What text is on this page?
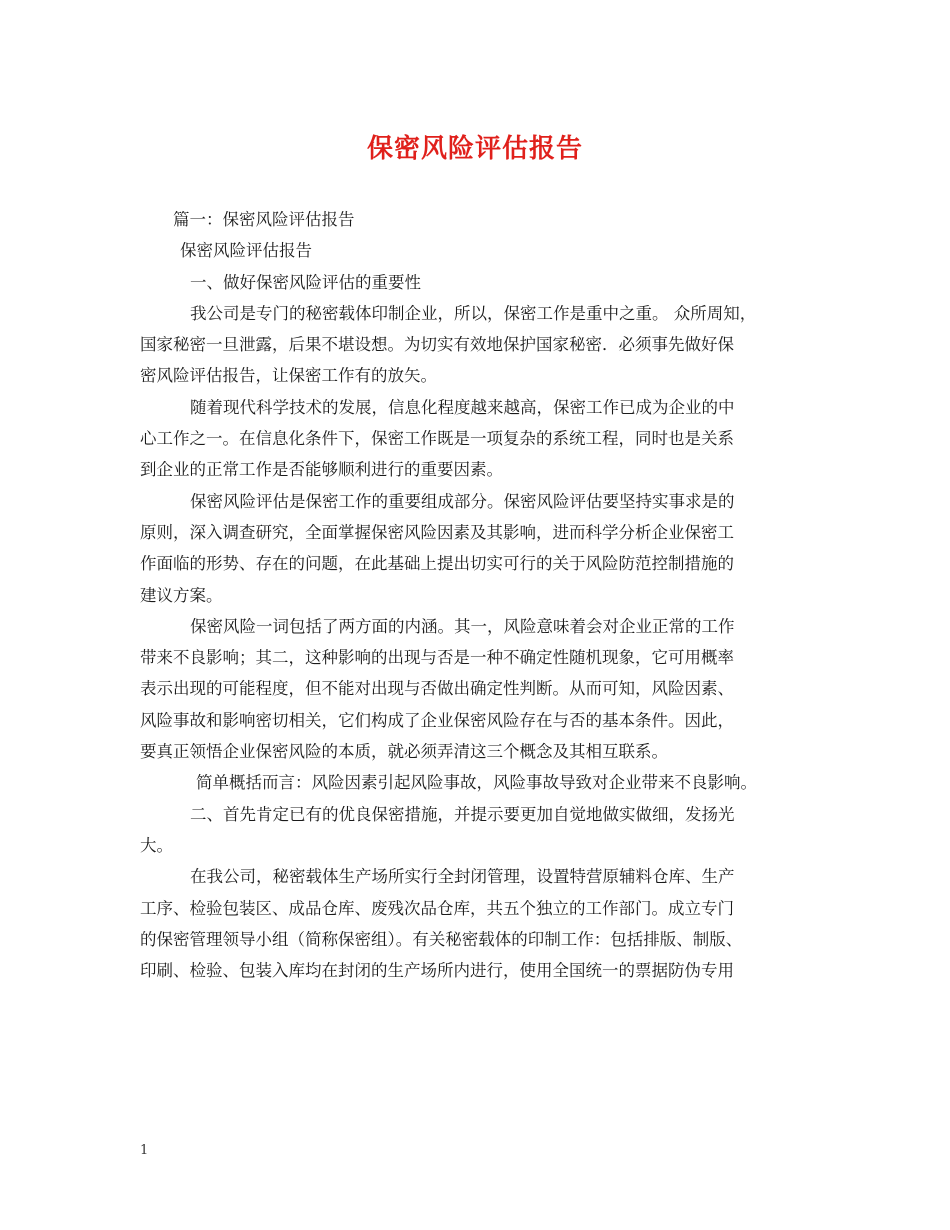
保密风险评估报告
篇一：保密风险评估报告
保密风险评估报告
一、做好保密风险评估的重要性
我公司是专门的秘密载体印制企业，所以，保密工作是重中之重。 众所周知，
国家秘密一旦泄露，后果不堪设想。为切实有效地保护国家秘密．必须事先做好保
密风险评估报告，让保密工作有的放矢。
随着现代科学技术的发展，信息化程度越来越高，保密工作已成为企业的中
心工作之一。在信息化条件下，保密工作既是一项复杂的系统工程，同时也是关系
到企业的正常工作是否能够顺利进行的重要因素。
保密风险评估是保密工作的重要组成部分。保密风险评估要坚持实事求是的
原则，深入调查研究，全面掌握保密风险因素及其影响，进而科学分析企业保密工
作面临的形势、存在的问题，在此基础上提出切实可行的关于风险防范控制措施的
建议方案。
保密风险一词包括了两方面的内涵。其一，风险意味着会对企业正常的工作
带来不良影响；其二，这种影响的出现与否是一种不确定性随机现象，它可用概率
表示出现的可能程度，但不能对出现与否做出确定性判断。从而可知，风险因素、
风险事故和影响密切相关，它们构成了企业保密风险存在与否的基本条件。因此，
要真正领悟企业保密风险的本质，就必须弄清这三个概念及其相互联系。
简单概括而言：风险因素引起风险事故，风险事故导致对企业带来不良影响。
二、首先肯定已有的优良保密措施，并提示要更加自觉地做实做细，发扬光
大。
在我公司，秘密载体生产场所实行全封闭管理，设置特营原辅料仓库、生产
工序、检验包装区、成品仓库、废残次品仓库，共五个独立的工作部门。成立专门
的保密管理领导小组（简称保密组）。有关秘密载体的印制工作：包括排版、制版、
印刷、检验、包装入库均在封闭的生产场所内进行，使用全国统一的票据防伪专用
1
